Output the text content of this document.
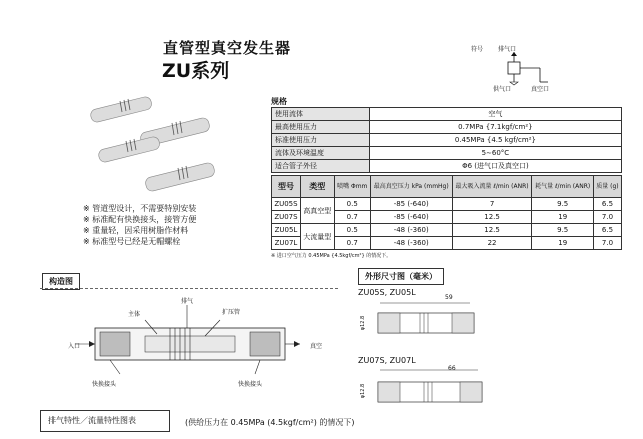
直管型真空发生器
ZU系列
符号 排气口
供气口	真空口
规格
使用流体	空气
最高使用压力	0.7MPa {7.1kgf/cm²}
标准使用压力	0.45MPa {4.5 kgf/cm²}
流体及环境温度	5∼60°C
适合管子外径	Φ6 (进气口及真空口)
型号	类型	喷嘴 Φmm	最高真空压力 kPa (mmHg)	最大吸入流量 ℓ/min (ANR)	耗气量 ℓ/min (ANR)	质量 (g)
ZU05S	高真空型	0.5	-85 (-640)	7	9.5	6.5
ZU07S		0.7	-85 (-640)	12.5	19	7.0
ZU05L	大流量型	0.5	-48 (-360)	12.5	9.5	6.5
ZU07L		0.7	-48 (-360)	22	19	7.0
※ 进口空气压力 0.45MPa {4.5kgf/cm²} 的情况下。
※ 管道型设计，不需要特别安装
※ 标准配有快换接头，接管方便
※ 重量轻，因采用树脂作材料
※ 标准型号已经是无帽螺栓
构造图
主体
排气
扩压管
入口	真空
快换接头	快换接头
外形尺寸图（毫米）
ZU05S, ZU05L
ZU07S, ZU07L
59
φ12.8
66
φ12.8
排气特性／流量特性图表	(供给压力在 0.45MPa (4.5kgf/cm²) 的情况下)
